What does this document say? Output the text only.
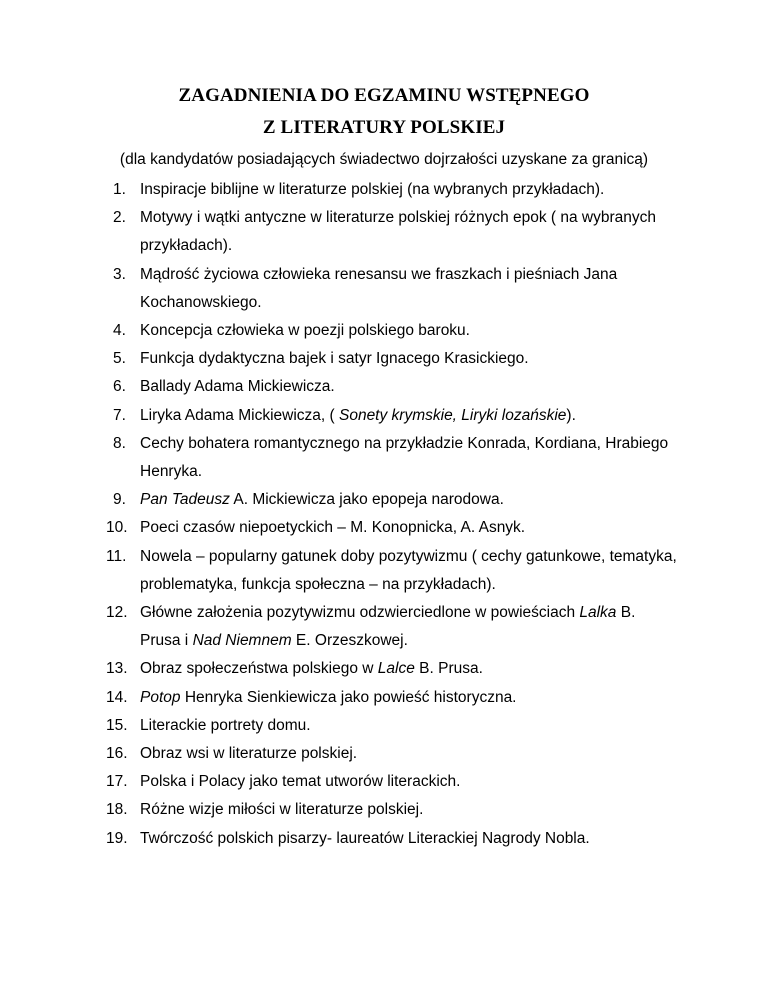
ZAGADNIENIA DO EGZAMINU WSTĘPNEGO
Z LITERATURY POLSKIEJ

(dla kandydatów posiadających świadectwo dojrzałości uzyskane za granicą)

1. Inspiracje biblijne w literaturze polskiej (na wybranych przykładach).
2. Motywy i wątki antyczne w literaturze polskiej różnych epok ( na wybranych przykładach).
3. Mądrość życiowa człowieka renesansu we fraszkach i pieśniach Jana Kochanowskiego.
4. Koncepcja człowieka w poezji polskiego baroku.
5. Funkcja dydaktyczna bajek i satyr Ignacego Krasickiego.
6. Ballady Adama Mickiewicza.
7. Liryka Adama Mickiewicza, ( Sonety krymskie, Liryki lozańskie).
8. Cechy bohatera romantycznego na przykładzie Konrada, Kordiana, Hrabiego Henryka.
9. Pan Tadeusz A. Mickiewicza jako epopeja narodowa.
10. Poeci czasów niepoetyckich – M. Konopnicka, A. Asnyk.
11. Nowela – popularny gatunek doby pozytywizmu ( cechy gatunkowe, tematyka, problematyka, funkcja społeczna – na przykładach).
12. Główne założenia pozytywizmu odzwierciedlone w powieściach Lalka B. Prusa i Nad Niemnem E. Orzeszkowej.
13. Obraz społeczeństwa polskiego w Lalce B. Prusa.
14. Potop Henryka Sienkiewicza jako powieść historyczna.
15. Literackie portrety domu.
16. Obraz wsi w literaturze polskiej.
17. Polska i Polacy jako temat utworów literackich.
18. Różne wizje miłości w literaturze polskiej.
19. Twórczość polskich pisarzy- laureatów Literackiej Nagrody Nobla.
